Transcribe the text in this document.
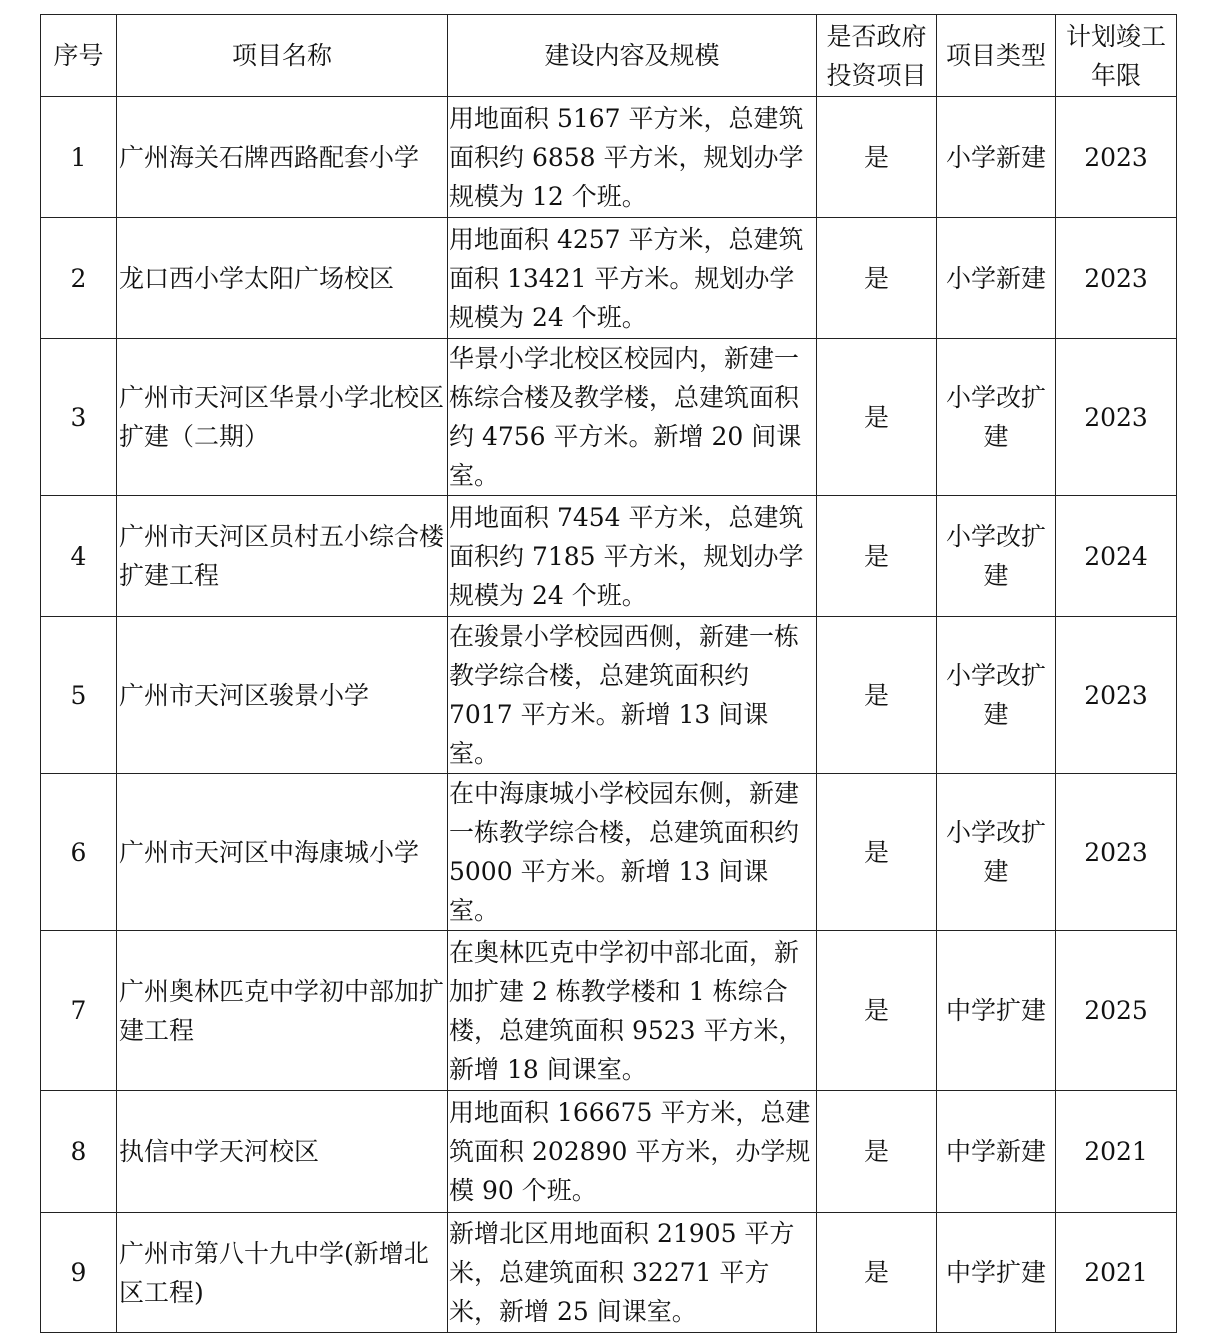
序号	项目名称	建设内容及规模	是否政府投资项目	项目类型	计划竣工年限
1	广州海关石牌西路配套小学	用地面积 5167 平方米，总建筑面积约 6858 平方米，规划办学规模为 12 个班。	是	小学新建	2023
2	龙口西小学太阳广场校区	用地面积 4257 平方米，总建筑面积 13421 平方米。规划办学规模为 24 个班。	是	小学新建	2023
3	广州市天河区华景小学北校区扩建（二期）	华景小学北校区校园内，新建一栋综合楼及教学楼，总建筑面积约 4756 平方米。新增 20 间课室。	是	小学改扩建	2023
4	广州市天河区员村五小综合楼扩建工程	用地面积 7454 平方米，总建筑面积约 7185 平方米，规划办学规模为 24 个班。	是	小学改扩建	2024
5	广州市天河区骏景小学	在骏景小学校园西侧，新建一栋教学综合楼，总建筑面积约 7017 平方米。新增 13 间课室。	是	小学改扩建	2023
6	广州市天河区中海康城小学	在中海康城小学校园东侧，新建一栋教学综合楼，总建筑面积约 5000 平方米。新增 13 间课室。	是	小学改扩建	2023
7	广州奥林匹克中学初中部加扩建工程	在奥林匹克中学初中部北面，新加扩建 2 栋教学楼和 1 栋综合楼，总建筑面积 9523 平方米，新增 18 间课室。	是	中学扩建	2025
8	执信中学天河校区	用地面积 166675 平方米，总建筑面积 202890 平方米，办学规模 90 个班。	是	中学新建	2021
9	广州市第八十九中学(新增北区工程)	新增北区用地面积 21905 平方米，总建筑面积 32271 平方米，新增 25 间课室。	是	中学扩建	2021
